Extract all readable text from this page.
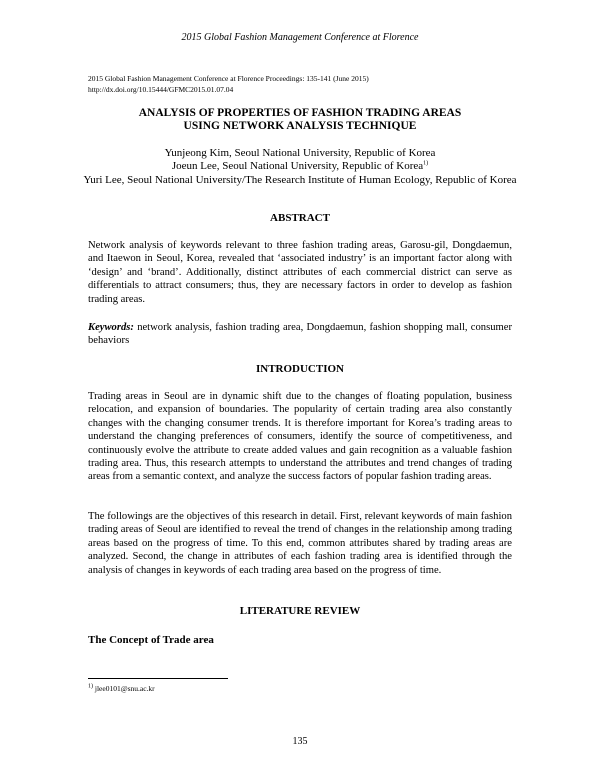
2015 Global Fashion Management Conference at Florence
2015 Global Fashion Management Conference at Florence Proceedings: 135-141 (June 2015)
http://dx.doi.org/10.15444/GFMC2015.01.07.04
ANALYSIS OF PROPERTIES OF FASHION TRADING AREAS
USING NETWORK ANALYSIS TECHNIQUE
Yunjeong Kim, Seoul National University, Republic of Korea
Joeun Lee, Seoul National University, Republic of Korea$^{1)}$
Yuri Lee, Seoul National University/The Research Institute of Human Ecology, Republic of Korea
ABSTRACT

Network analysis of keywords relevant to three fashion trading areas, Garosu-gil, Dongdaemun, and Itaewon in Seoul, Korea, revealed that ‘associated industry’ is an important factor along with ‘design’ and ‘brand’. Additionally, distinct attributes of each commercial district can serve as differentials to attract consumers; thus, they are necessary factors in order to develop as fashion trading areas.

Keywords: network analysis, fashion trading area, Dongdaemun, fashion shopping mall, consumer behaviors

INTRODUCTION

Trading areas in Seoul are in dynamic shift due to the changes of floating population, business relocation, and expansion of boundaries. The popularity of certain trading area also constantly changes with the changing consumer trends. It is therefore important for Korea’s trading areas to understand the changing preferences of consumers, identify the source of competitiveness, and continuously evolve the attribute to create added values and gain recognition as a valuable fashion trading area. Thus, this research attempts to understand the attributes and trend changes of trading areas from a semantic context, and analyze the success factors of popular fashion trading areas.

The followings are the objectives of this research in detail. First, relevant keywords of main fashion trading areas of Seoul are identified to reveal the trend of changes in the relationship among trading areas based on the progress of time. To this end, common attributes shared by trading areas are analyzed. Second, the change in attributes of each fashion trading area is identified through the analysis of changes in keywords of each trading area based on the progress of time.

LITERATURE REVIEW
The Concept of Trade area
$^{1)}$ jlee0101@snu.ac.kr
135
